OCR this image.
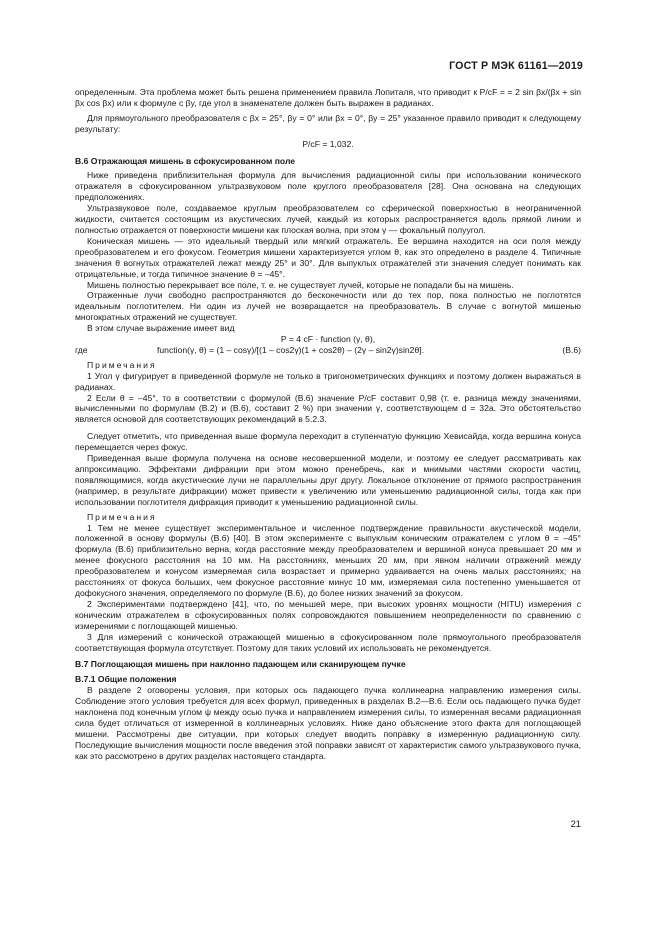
ГОСТ Р МЭК 61161—2019

определенным. Эта проблема может быть решена применением правила Лопиталя, что приводит к P/cF = = 2 sin βx/(βx + sin βx cos βx) или к формуле с βy, где угол в знаменателе должен быть выражен в радианах.

Для прямоугольного преобразователя с βx = 25°, βy = 0° или βx = 0°, βy = 25° указанное правило приводит к следующему результату:

P/cF = 1,032.

В.6 Отражающая мишень в сфокусированном поле

Ниже приведена приблизительная формула для вычисления радиационной силы при использовании конического отражателя в сфокусированном ультразвуковом поле круглого преобразователя [28]. Она основана на следующих предположениях.

Ультразвуковое поле, создаваемое круглым преобразователем со сферической поверхностью в неограниченной жидкости, считается состоящим из акустических лучей, каждый из которых распространяется вдоль прямой линии и полностью отражается от поверхности мишени как плоская волна, при этом γ — фокальный полуугол.

Коническая мишень — это идеальный твердый или мягкий отражатель. Ее вершина находится на оси поля между преобразователем и его фокусом. Геометрия мишени характеризуется углом θ, как это определено в разделе 4. Типичные значения θ вогнутых отражателей лежат между 25° и 30°. Для выпуклых отражателей эти значения следует понимать как отрицательные, и тогда типичное значение θ = –45°.

Мишень полностью перекрывает все поле, т. е. не существует лучей, которые не попадали бы на мишень.

Отраженные лучи свободно распространяются до бесконечности или до тех пор, пока полностью не поглотятся идеальным поглотителем. Ни один из лучей не возвращается на преобразователь. В случае с вогнутой мишенью многократных отражений не существует.

В этом случае выражение имеет вид

P = 4 cF · function (γ, θ),

где	function(γ, θ) = (1 – cosγ)/[(1 – cos2γ)(1 + cos2θ) – (2γ – sin2γ)sin2θ].	(B.6)

Примечания

1 Угол γ фигурирует в приведенной формуле не только в тригонометрических функциях и поэтому должен выражаться в радианах.

2 Если θ = –45°, то в соответствии с формулой (B.6) значение P/cF составит 0,98 (т. е. разница между значениями, вычисленными по формулам (B.2) и (B.6), составит 2 %) при значении γ, соответствующем d = 32a. Это обстоятельство является основой для соответствующих рекомендаций в 5.2.3.

Следует отметить, что приведенная выше формула переходит в ступенчатую функцию Хевисайда, когда вершина конуса перемещается через фокус.

Приведенная выше формула получена на основе несовершенной модели, и поэтому ее следует рассматривать как аппроксимацию. Эффектами дифракции при этом можно пренебречь, как и мнимыми частями скорости частиц, появляющимися, когда акустические лучи не параллельны друг другу. Локальное отклонение от прямого распространения (например, в результате дифракции) может привести к увеличению или уменьшению радиационной силы, тогда как при использовании поглотителя дифракция приводит к уменьшению радиационной силы.

Примечания

1 Тем не менее существует экспериментальное и численное подтверждение правильности акустической модели, положенной в основу формулы (B.6) [40]. В этом эксперименте с выпуклым коническим отражателем с углом θ = –45° формула (B.6) приблизительно верна, когда расстояние между преобразователем и вершиной конуса превышает 20 мм и менее фокусного расстояния на 10 мм. На расстояниях, меньших 20 мм, при явном наличии отражений между преобразователем и конусом измеряемая сила возрастает и примерно удваивается на очень малых расстояниях; на расстояниях от фокуса больших, чем фокусное расстояние минус 10 мм, измеряемая сила постепенно уменьшается от дофокусного значения, определяемого по формуле (B.6), до более низких значений за фокусом.

2 Экспериментами подтверждено [41], что, по меньшей мере, при высоких уровнях мощности (HITU) измерения с коническим отражателем в сфокусированных полях сопровождаются повышением неопределенности по сравнению с измерениями с поглощающей мишенью.

3 Для измерений с конической отражающей мишенью в сфокусированном поле прямоугольного преобразователя соответствующая формула отсутствует. Поэтому для таких условий их использовать не рекомендуется.

В.7 Поглощающая мишень при наклонно падающем или сканирующем пучке

В.7.1 Общие положения

В разделе 2 оговорены условия, при которых ось падающего пучка коллинеарна направлению измерения силы. Соблюдение этого условия требуется для всех формул, приведенных в разделах B.2—B.6. Если ось падающего пучка будет наклонена под конечным углом ψ между осью пучка и направлением измерения силы, то измеренная весами радиационная сила будет отличаться от измеренной в коллинеарных условиях. Ниже дано объяснение этого факта для поглощающей мишени. Рассмотрены две ситуации, при которых следует вводить поправку в измеренную радиационную силу. Последующие вычисления мощности после введения этой поправки зависят от характеристик самого ультразвукового пучка, как это рассмотрено в других разделах настоящего стандарта.

21
